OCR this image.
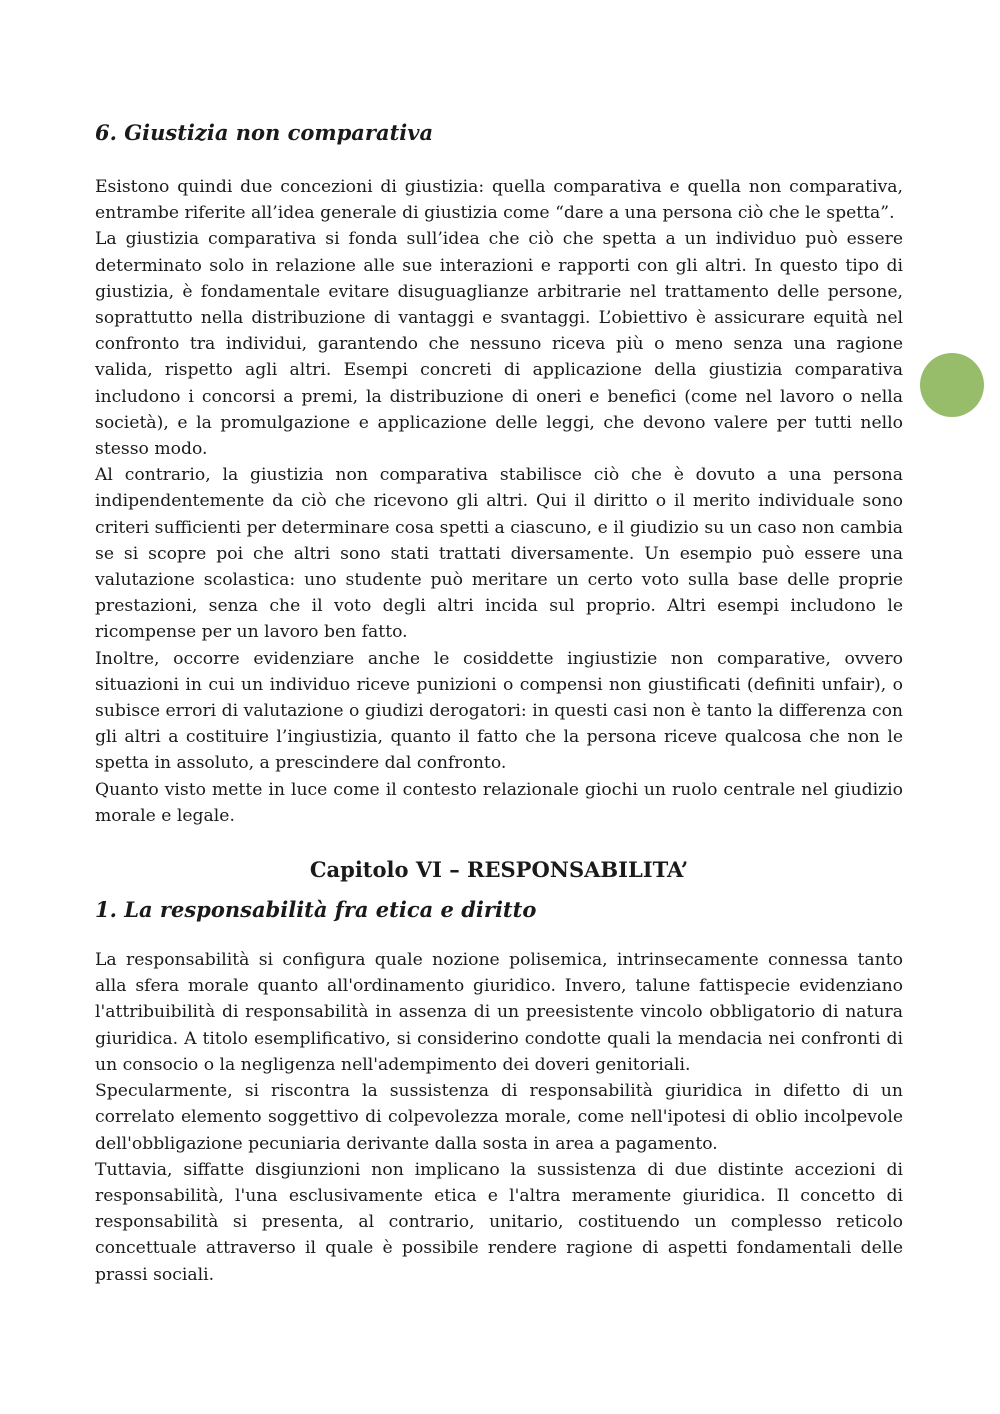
6. Giustizia non comparativa

Esistono quindi due concezioni di giustizia: quella comparativa e quella non comparativa, entrambe riferite all’idea generale di giustizia come “dare a una persona ciò che le spetta”.

La giustizia comparativa si fonda sull’idea che ciò che spetta a un individuo può essere determinato solo in relazione alle sue interazioni e rapporti con gli altri. In questo tipo di giustizia, è fondamentale evitare disuguaglianze arbitrarie nel trattamento delle persone, soprattutto nella distribuzione di vantaggi e svantaggi. L’obiettivo è assicurare equità nel confronto tra individui, garantendo che nessuno riceva più o meno senza una ragione valida, rispetto agli altri. Esempi concreti di applicazione della giustizia comparativa includono i concorsi a premi, la distribuzione di oneri e benefici (come nel lavoro o nella società), e la promulgazione e applicazione delle leggi, che devono valere per tutti nello stesso modo.

Al contrario, la giustizia non comparativa stabilisce ciò che è dovuto a una persona indipendentemente da ciò che ricevono gli altri. Qui il diritto o il merito individuale sono criteri sufficienti per determinare cosa spetti a ciascuno, e il giudizio su un caso non cambia se si scopre poi che altri sono stati trattati diversamente. Un esempio può essere una valutazione scolastica: uno studente può meritare un certo voto sulla base delle proprie prestazioni, senza che il voto degli altri incida sul proprio. Altri esempi includono le ricompense per un lavoro ben fatto.

Inoltre, occorre evidenziare anche le cosiddette ingiustizie non comparative, ovvero situazioni in cui un individuo riceve punizioni o compensi non giustificati (definiti unfair), o subisce errori di valutazione o giudizi derogatori: in questi casi non è tanto la differenza con gli altri a costituire l’ingiustizia, quanto il fatto che la persona riceve qualcosa che non le spetta in assoluto, a prescindere dal confronto.

Quanto visto mette in luce come il contesto relazionale giochi un ruolo centrale nel giudizio morale e legale.

Capitolo VI – RESPONSABILITA’
1. La responsabilità fra etica e diritto

La responsabilità si configura quale nozione polisemica, intrinsecamente connessa tanto alla sfera morale quanto all'ordinamento giuridico. Invero, talune fattispecie evidenziano l'attribuibilità di responsabilità in assenza di un preesistente vincolo obbligatorio di natura giuridica. A titolo esemplificativo, si considerino condotte quali la mendacia nei confronti di un consocio o la negligenza nell'adempimento dei doveri genitoriali.

Specularmente, si riscontra la sussistenza di responsabilità giuridica in difetto di un correlato elemento soggettivo di colpevolezza morale, come nell'ipotesi di oblio incolpevole dell'obbligazione pecuniaria derivante dalla sosta in area a pagamento.

Tuttavia, siffatte disgiunzioni non implicano la sussistenza di due distinte accezioni di responsabilità, l'una esclusivamente etica e l'altra meramente giuridica. Il concetto di responsabilità si presenta, al contrario, unitario, costituendo un complesso reticolo concettuale attraverso il quale è possibile rendere ragione di aspetti fondamentali delle prassi sociali.
